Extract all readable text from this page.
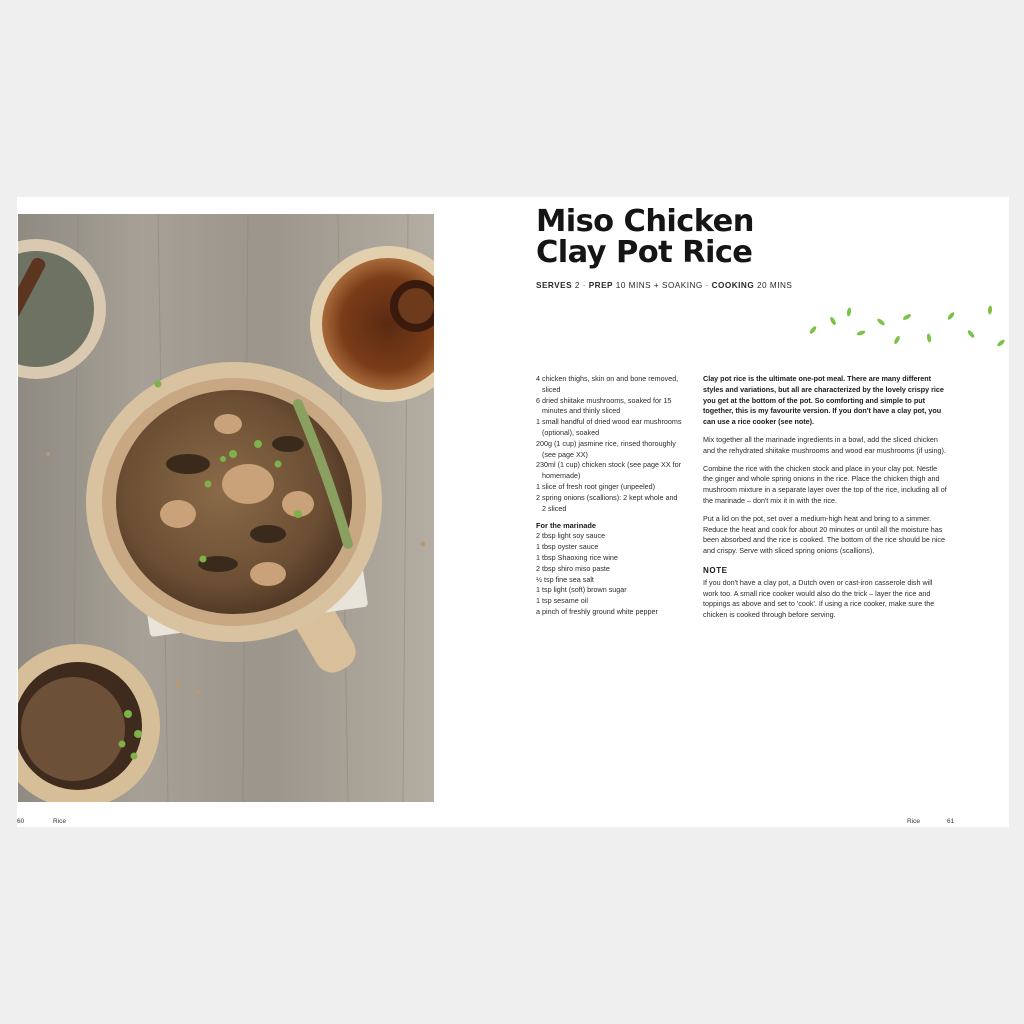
Miso Chicken
Clay Pot Rice
SERVES 2 · PREP 10 MINS + SOAKING · COOKING 20 MINS
4 chicken thighs, skin on and bone removed, sliced
6 dried shiitake mushrooms, soaked for 15 minutes and thinly sliced
1 small handful of dried wood ear mushrooms (optional), soaked
200g (1 cup) jasmine rice, rinsed thoroughly (see page XX)
230ml (1 cup) chicken stock (see page XX for homemade)
1 slice of fresh root ginger (unpeeled)
2 spring onions (scallions): 2 kept whole and 2 sliced
For the marinade
2 tbsp light soy sauce
1 tbsp oyster sauce
1 tbsp Shaoxing rice wine
2 tbsp shiro miso paste
½ tsp fine sea salt
1 tsp light (soft) brown sugar
1 tsp sesame oil
a pinch of freshly ground white pepper

Clay pot rice is the ultimate one-pot meal. There are many different styles and variations, but all are characterized by the lovely crispy rice you get at the bottom of the pot. So comforting and simple to put together, this is my favourite version. If you don't have a clay pot, you can use a rice cooker (see note).

Mix together all the marinade ingredients in a bowl, add the sliced chicken and the rehydrated shiitake mushrooms and wood ear mushrooms (if using).

Combine the rice with the chicken stock and place in your clay pot. Nestle the ginger and whole spring onions in the rice. Place the chicken thigh and mushroom mixture in a separate layer over the top of the rice, including all of the marinade – don't mix it in with the rice.

Put a lid on the pot, set over a medium-high heat and bring to a simmer. Reduce the heat and cook for about 20 minutes or until all the moisture has been absorbed and the rice is cooked. The bottom of the rice should be nice and crispy. Serve with sliced spring onions (scallions).

NOTE

If you don't have a clay pot, a Dutch oven or cast-iron casserole dish will work too. A small rice cooker would also do the trick – layer the rice and toppings as above and set to 'cook'. If using a rice cooker, make sure the chicken is cooked through before serving.

60	Rice	Rice	61
